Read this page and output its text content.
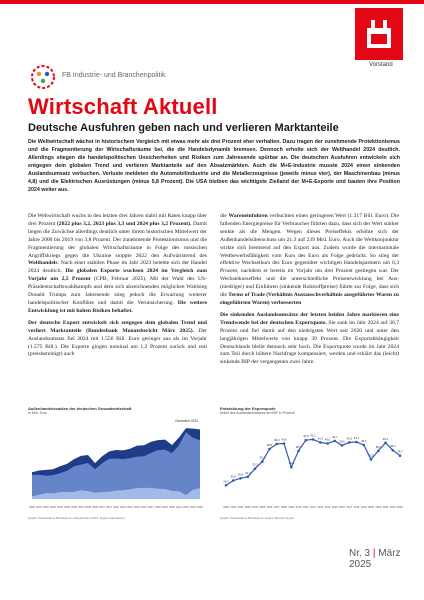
Vorstand
FB Industrie- und Branchenpolitik
Wirtschaft Aktuell
Deutsche Ausfuhren geben nach und verlieren Marktanteile
Die Weltwirtschaft wächst in historischem Vergleich mit etwas mehr als drei Prozent eher verhalten. Dazu tragen der zunehmende Protektionismus und die Fragmentierung der Wirtschaftsräume bei, die die Handelsdynamik bremsen. Dennoch erholte sich der Welthandel 2024 deutlich. Allerdings stiegen die handelspolitischen Unsicherheiten und Risiken zum Jahresende spürbar an. Die deutschen Ausfuhren entwickeln sich entgegen dem globalen Trend und verlieren Marktanteile auf den Absatzmärkten. Auch die M+E-Industrie musste 2024 einen sinkenden Auslandsumsatz verbuchen. Verluste meldeten die Automobilindustrie und die Metallerzeugnisse (jeweils minus vier), der Maschinenbau (minus 4,8) und die Elektrischen Ausrüstungen (minus 5,8 Prozent). Die USA bleiben das wichtigste Zielland der M+E-Exporte und bauten ihre Position 2024 weiter aus.

Die Weltwirtschaft wuchs in den letzten drei Jahren stabil mit Raten knapp über drei Prozent (2022 plus 3,2, 2023 plus 3,3 und 2024 plus 3,2 Prozent). Damit liegen die Zuwächse allerdings deutlich unter ihrem historischen Mittelwert der Jahre 2000 bis 2019 von 3,8 Prozent. Der zunehmende Protektionismus und die Fragmentierung der globalen Wirtschaftsräume in Folge des russischen Angriffskriegs gegen die Ukraine stoppte 2022 den Aufwärtstrend des Welthandels. Nach einer stabilen Phase im Jahr 2023 belebte sich der Handel 2024 deutlich. Die globalen Exporte wuchsen 2024 im Vergleich zum Vorjahr um 2,5 Prozent (CPB, Februar 2025). Mit der Wahl des US-Präsidentschaftswahlkampfs und dem sich abzeichnenden möglichen Wahlsieg Donald Trumps zum Jahresende stieg jedoch die Erwartung weiterer handelspolitischer Konflikte und damit die Verunsicherung. Die weitere Entwicklung ist mit hohen Risiken behaftet.

Der deutsche Export entwickelt sich entgegen dem globalen Trend und verliert Marktanteile (Bundesbank Monatsbericht März 2025). Der Auslandsumsatz fiel 2024 mit 1.556 Bill. Euro geringer aus als im Vorjahr (1.575 Bill.). Die Exporte gingen nominal um 1,2 Prozent zurück und real (preisbereinigt) auch

die Wareneinfuhren verbuchten einen geringeren Wert (1.317 Bill. Euro). Die fallenden Energiepreise für Verbraucher führten dazu, dass sich der Wert stärker senkte als die Mengen. Wegen dieses Preiseffekts erhöhte sich der Außenhandelsüberschuss um 21,3 auf 239 Mrd. Euro. Auch die Weltkonjunktur wirkte sich bremsend auf den Export aus. Zudem wurde die internationale Wettbewerbsfähigkeit vom Kurs des Euro als Folge gedrückt. So stieg der effektive Wechselkurs des Euro gegenüber wichtigen Handelspartnern um 0,3 Prozent, nachdem er bereits im Vorjahr um drei Prozent gestiegen war. Der Wechselkurseffekt und die unterschiedliche Preisentwicklung bei Aus- (niedriger) und Einfuhren (sinkende Rohstoffpreise) führte zur Folge, dass sich die Terms of Trade (Verhältnis Austauschverhältnis ausgeführter Waren zu eingeführten Waren) verbesserten

Die sinkenden Auslandsumsätze der letzten beiden Jahre markieren eine Trendwende bei der deutschen Exportquote. Sie sank im Jahr 2024 auf 36,7 Prozent und fiel damit auf den niedrigsten Wert seit 2020 und unter den langjährigen Mittelwerte von knapp 39 Prozent. Die Exportabhängigkeit Deutschlands bleibt dennoch sehr hoch. Die Exportquote wurde im Jahr 2024 zum Teil durch höhere Nachfrage kompensiert, werden und erklärt das (leicht) sinkende BIP der vergangenen zwei Jahre.

Außenhandelssalden der deutschen Gesamtwirtschaft
in Mrd. Euro
2000 2001 2002 2003 2004 2005 2006 2007 2008 2009 2010 2011 2012 2013 2014 2015 2016 2017 2018 2019 2020 2021 2022 2023 2024
Dezember 2024
Quelle: Statistisches Bundesamt, Außenhandel 2024, eigene Darstellung
Entwicklung der Exportquote
Anteil des Auslandsumsatzes am BIP in Prozent
28,7
30,0
30,6 31,0
33,2
35,1
38,5
39,9 40,0
33,6
38,0
40,9 41,1
40,3 40,0
40,7
39,5
40,3 40,4
39,6
35,7
38,0
40,2
38,2
36,7
2000 2001 2002 2003 2004 2005 2006 2007 2008 2009 2010 2011 2012 2013 2014 2015 2016 2017 2018 2019 2020 2021 2022 2023 2024
Quelle: Statistisches Bundesamt, eigene Berechnungen
Nr. 3 | März 2025
